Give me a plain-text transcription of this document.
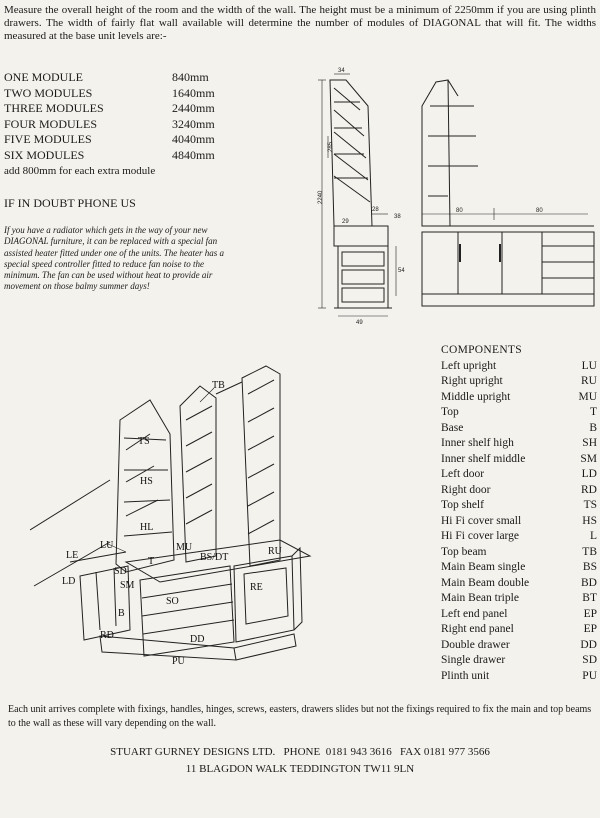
Measure the overall height of the room and the width of the wall. The height must be a minimum of 2250mm if you are using plinth drawers. The width of fairly flat wall available will determine the number of modules of DIAGONAL that will fit. The widths measured at the base unit levels are:-
ONE MODULE	840mm
TWO MODULES	1640mm
THREE MODULES	2440mm
FOUR MODULES	3240mm
FIVE MODULES	4040mm
SIX MODULES	4840mm
add 800mm for each extra module
IF IN DOUBT PHONE US
If you have a radiator which gets in the way of your new DIAGONAL furniture, it can be replaced with a special fan assisted heater fitted under one of the units. The heater has a special speed controller fitted to reduce fan noise to the minimum. The fan can be used without heat to provide air movement on those balmy summer days!
34
285
2240
28
38
29
54
49
80	80
TB
TS
HS
HL
LU	MU
BS/DT
RU
LE
LD
SD
T
SM
SO
RE
B
RD	DD
PU
COMPONENTS
Left upright	LU
Right upright	RU
Middle upright	MU
Top	T
Base	B
Inner shelf high	SH
Inner shelf middle	SM
Left door	LD
Right door	RD
Top shelf	TS
Hi Fi cover small	HS
Hi Fi cover large	L
Top beam	TB
Main Beam single	BS
Main Beam double	BD
Main Bean triple	BT
Left end panel	EP
Right end panel	EP
Double drawer	DD
Single drawer	SD
Plinth unit	PU
Each unit arrives complete with fixings, handles, hinges, screws, easters, drawers slides but not the fixings required to fix the main and top beams to the wall as these will vary depending on the wall.
STUART GURNEY DESIGNS LTD.   PHONE  0181 943 3616   FAX 0181 977 3566
11 BLAGDON WALK TEDDINGTON TW11 9LN
